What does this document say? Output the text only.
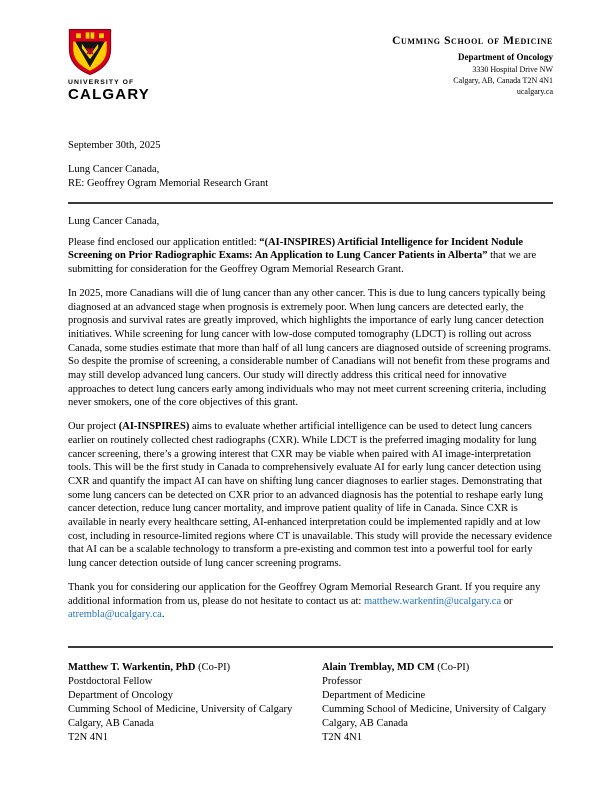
UNIVERSITY OF
CALGARY
Cumming School of Medicine
Department of Oncology
3330 Hospital Drive NW
Calgary, AB, Canada T2N 4N1
ucalgary.ca
September 30th, 2025
Lung Cancer Canada,
RE: Geoffrey Ogram Memorial Research Grant
Lung Cancer Canada,

Please find enclosed our application entitled: “(AI-INSPIRES) Artificial Intelligence for Incident Nodule Screening on Prior Radiographic Exams: An Application to Lung Cancer Patients in Alberta” that we are submitting for consideration for the Geoffrey Ogram Memorial Research Grant.

In 2025, more Canadians will die of lung cancer than any other cancer. This is due to lung cancers typically being diagnosed at an advanced stage when prognosis is extremely poor. When lung cancers are detected early, the prognosis and survival rates are greatly improved, which highlights the importance of early lung cancer detection initiatives. While screening for lung cancer with low-dose computed tomography (LDCT) is rolling out across Canada, some studies estimate that more than half of all lung cancers are diagnosed outside of screening programs. So despite the promise of screening, a considerable number of Canadians will not benefit from these programs and may still develop advanced lung cancers. Our study will directly address this critical need for innovative approaches to detect lung cancers early among individuals who may not meet current screening criteria, including never smokers, one of the core objectives of this grant.

Our project (AI-INSPIRES) aims to evaluate whether artificial intelligence can be used to detect lung cancers earlier on routinely collected chest radiographs (CXR). While LDCT is the preferred imaging modality for lung cancer screening, there’s a growing interest that CXR may be viable when paired with AI image-interpretation tools. This will be the first study in Canada to comprehensively evaluate AI for early lung cancer detection using CXR and quantify the impact AI can have on shifting lung cancer diagnoses to earlier stages. Demonstrating that some lung cancers can be detected on CXR prior to an advanced diagnosis has the potential to reshape early lung cancer detection, reduce lung cancer mortality, and improve patient quality of life in Canada. Since CXR is available in nearly every healthcare setting, AI-enhanced interpretation could be implemented rapidly and at low cost, including in resource-limited regions where CT is unavailable. This study will provide the necessary evidence that AI can be a scalable technology to transform a pre-existing and common test into a powerful tool for early lung cancer detection outside of lung cancer screening programs.

Thank you for considering our application for the Geoffrey Ogram Memorial Research Grant. If you require any additional information from us, please do not hesitate to contact us at: matthew.warkentin@ucalgary.ca or atrembla@ucalgary.ca.

Matthew T. Warkentin, PhD (Co-PI)
Postdoctoral Fellow
Department of Oncology
Cumming School of Medicine, University of Calgary
Calgary, AB Canada
T2N 4N1
Alain Tremblay, MD CM (Co-PI)
Professor
Department of Medicine
Cumming School of Medicine, University of Calgary
Calgary, AB Canada
T2N 4N1
